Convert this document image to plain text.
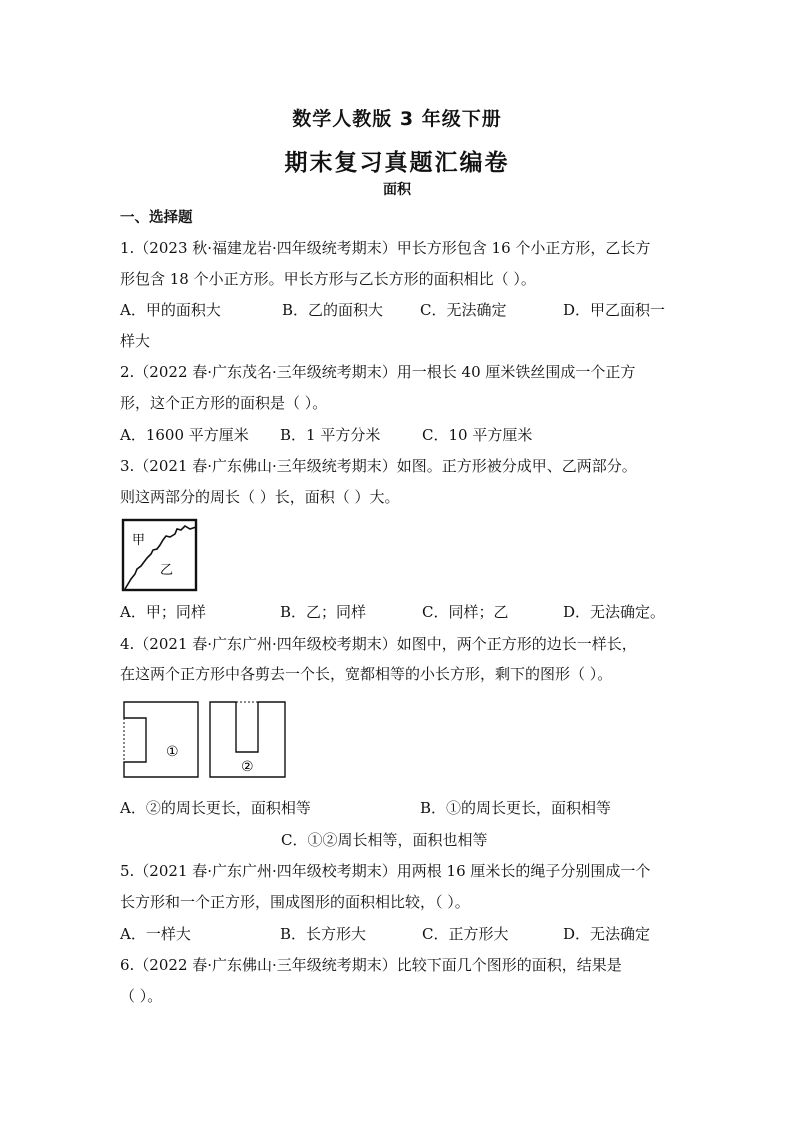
数学人教版 3 年级下册
期末复习真题汇编卷
面积
一、选择题
1.（2023 秋·福建龙岩·四年级统考期末）甲长方形包含 16 个小正方形，乙长方
形包含 18 个小正方形。甲长方形与乙长方形的面积相比（ ）。
A．甲的面积大	B．乙的面积大 C．无法确定	D．甲乙面积一
样大
2.（2022 春·广东茂名·三年级统考期末）用一根长 40 厘米铁丝围成一个正方
形，这个正方形的面积是（ ）。
A．1600 平方厘米 B．1 平方分米	C．10 平方厘米
3.（2021 春·广东佛山·三年级统考期末）如图。正方形被分成甲、乙两部分。
则这两部分的周长（ ）长，面积（ ）大。
甲
乙
A．甲；同样	B．乙；同样	C．同样；乙	D．无法确定。
4.（2021 春·广东广州·四年级校考期末）如图中，两个正方形的边长一样长，
在这两个正方形中各剪去一个长，宽都相等的小长方形，剩下的图形（ ）。
①
②
A．②的周长更长，面积相等	B．①的周长更长，面积相等
C．①②周长相等，面积也相等
5.（2021 春·广东广州·四年级校考期末）用两根 16 厘米长的绳子分别围成一个
长方形和一个正方形，围成图形的面积相比较，（ ）。
A．一样大	B．长方形大	C．正方形大	D．无法确定
6.（2022 春·广东佛山·三年级统考期末）比较下面几个图形的面积，结果是
（ ）。
